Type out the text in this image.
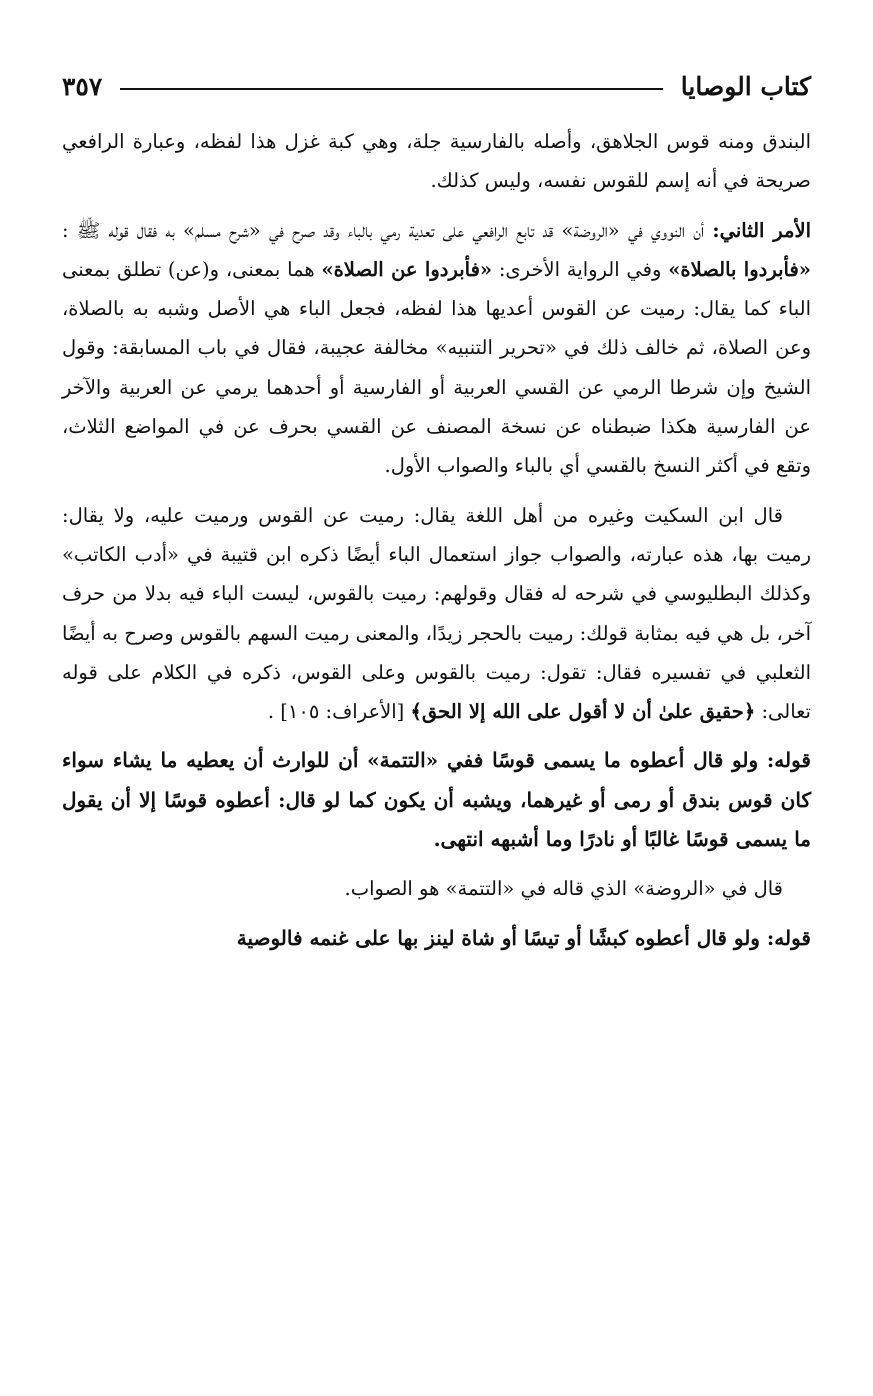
كتاب الوصايا
٣٥٧

البندق ومنه قوس الجلاهق، وأصله بالفارسية جلة، وهي كبة غزل هذا لفظه، وعبارة الرافعي صريحة في أنه إسم للقوس نفسه، وليس كذلك.

الأمر الثاني: أن النووي في «الروضة» قد تابع الرافعي على تعدية رمي بالباء وقد صرح في «شرح مسلم» به فقال قوله ﷺ : «فأبردوا بالصلاة» وفي الرواية الأخرى: «فأبردوا عن الصلاة» هما بمعنى، و(عن) تطلق بمعنى الباء كما يقال: رميت عن القوس أعديها هذا لفظه، فجعل الباء هي الأصل وشبه به بالصلاة، وعن الصلاة، ثم خالف ذلك في «تحرير التنبيه» مخالفة عجيبة، فقال في باب المسابقة: وقول الشيخ وإن شرطا الرمي عن القسي العربية أو الفارسية أو أحدهما يرمي عن العربية والآخر عن الفارسية هكذا ضبطناه عن نسخة المصنف عن القسي بحرف عن في المواضع الثلاث، وتقع في أكثر النسخ بالقسي أي بالباء والصواب الأول.

قال ابن السكيت وغيره من أهل اللغة يقال: رميت عن القوس ورميت عليه، ولا يقال: رميت بها، هذه عبارته، والصواب جواز استعمال الباء أيضًا ذكره ابن قتيبة في «أدب الكاتب» وكذلك البطليوسي في شرحه له فقال وقولهم: رميت بالقوس، ليست الباء فيه بدلا من حرف آخر، بل هي فيه بمثابة قولك: رميت بالحجر زيدًا، والمعنى رميت السهم بالقوس وصرح به أيضًا الثعلبي في تفسيره فقال: تقول: رميت بالقوس وعلى القوس، ذكره في الكلام على قوله تعالى: ﴿حقيق علىٰ أن لا أقول على الله إلا الحق﴾ [الأعراف: ١٠٥] .

قوله: ولو قال أعطوه ما يسمى قوسًا ففي «التتمة» أن للوارث أن يعطيه ما يشاء سواء كان قوس بندق أو رمى أو غيرهما، ويشبه أن يكون كما لو قال: أعطوه قوسًا إلا أن يقول ما يسمى قوسًا غالبًا أو نادرًا وما أشبهه انتهى.

قال في «الروضة» الذي قاله في «التتمة» هو الصواب.

قوله: ولو قال أعطوه كبشًا أو تيسًا أو شاة لينز بها على غنمه فالوصية
